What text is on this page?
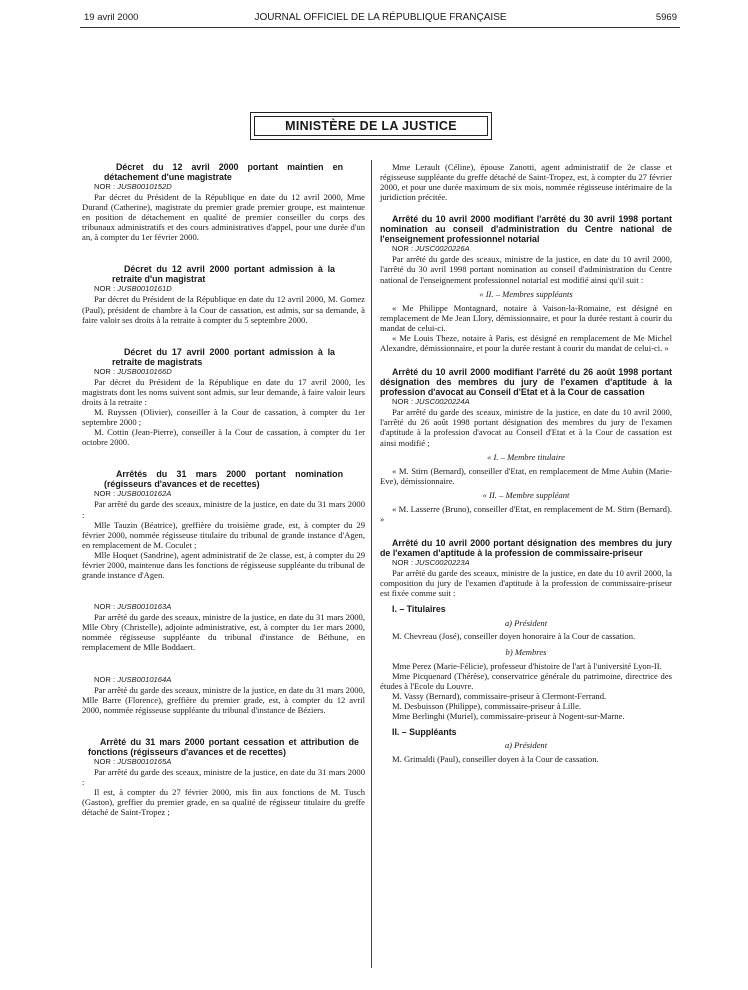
19 avril 2000	JOURNAL OFFICIEL DE LA RÉPUBLIQUE FRANÇAISE	5969
MINISTÈRE DE LA JUSTICE

Décret du 12 avril 2000 portant maintien en détachement d'une magistrate

NOR : JUSB0010152D

Par décret du Président de la République en date du 12 avril 2000, Mme Durand (Catherine), magistrate du premier grade premier groupe, est maintenue en position de détachement en qualité de premier conseiller du corps des tribunaux administratifs et des cours administratives d'appel, pour une durée d'un an, à compter du 1er février 2000.

Décret du 12 avril 2000 portant admission à la retraite d'un magistrat

NOR : JUSB0010161D

Par décret du Président de la République en date du 12 avril 2000, M. Gomez (Paul), président de chambre à la Cour de cassation, est admis, sur sa demande, à faire valoir ses droits à la retraite à compter du 5 septembre 2000.

Décret du 17 avril 2000 portant admission à la retraite de magistrats

NOR : JUSB0010166D

Par décret du Président de la République en date du 17 avril 2000, les magistrats dont les noms suivent sont admis, sur leur demande, à faire valoir leurs droits à la retraite :

M. Ruyssen (Olivier), conseiller à la Cour de cassation, à compter du 1er septembre 2000 ;

M. Cottin (Jean-Pierre), conseiller à la Cour de cassation, à compter du 1er octobre 2000.

Arrêtés du 31 mars 2000 portant nomination (régisseurs d'avances et de recettes)

NOR : JUSB0010162A

Par arrêté du garde des sceaux, ministre de la justice, en date du 31 mars 2000 :

Mlle Tauzin (Béatrice), greffière du troisième grade, est, à compter du 29 février 2000, nommée régisseuse titulaire du tribunal de grande instance d'Agen, en remplacement de M. Coculet ;

Mlle Hoquet (Sandrine), agent administratif de 2e classe, est, à compter du 29 février 2000, maintenue dans les fonctions de régisseuse suppléante du tribunal de grande instance d'Agen.

NOR : JUSB0010163A

Par arrêté du garde des sceaux, ministre de la justice, en date du 31 mars 2000, Mlle Obry (Christelle), adjointe administrative, est, à compter du 1er mars 2000, nommée régisseuse suppléante du tribunal d'instance de Béthune, en remplacement de Mlle Boddaert.

NOR : JUSB0010164A

Par arrêté du garde des sceaux, ministre de la justice, en date du 31 mars 2000, Mlle Barre (Florence), greffière du premier grade, est, à compter du 12 avril 2000, nommée régisseuse suppléante du tribunal d'instance de Béziers.

Arrêté du 31 mars 2000 portant cessation et attribution de fonctions (régisseurs d'avances et de recettes)

NOR : JUSB0010165A

Par arrêté du garde des sceaux, ministre de la justice, en date du 31 mars 2000 :

Il est, à compter du 27 février 2000, mis fin aux fonctions de M. Tusch (Gaston), greffier du premier grade, en sa qualité de régisseur titulaire du greffe détaché de Saint-Tropez ;

Mme Lerault (Céline), épouse Zanotti, agent administratif de 2e classe et régisseuse suppléante du greffe détaché de Saint-Tropez, est, à compter du 27 février 2000, et pour une durée maximum de six mois, nommée régisseuse intérimaire de la juridiction précitée.

Arrêté du 10 avril 2000 modifiant l'arrêté du 30 avril 1998 portant nomination au conseil d'administration du Centre national de l'enseignement professionnel notarial

NOR : JUSC0020226A

Par arrêté du garde des sceaux, ministre de la justice, en date du 10 avril 2000, l'arrêté du 30 avril 1998 portant nomination au conseil d'administration du Centre national de l'enseignement professionnel notarial est modifié ainsi qu'il suit :

« II. – Membres suppléants

« Me Philippe Montagnard, notaire à Vaison-la-Romaine, est désigné en remplacement de Me Jean Llory, démissionnaire, et pour la durée restant à courir du mandat de celui-ci.

« Me Louis Theze, notaire à Paris, est désigné en remplacement de Me Michel Alexandre, démissionnaire, et pour la durée restant à courir du mandat de celui-ci. »

Arrêté du 10 avril 2000 modifiant l'arrêté du 26 août 1998 portant désignation des membres du jury de l'examen d'aptitude à la profession d'avocat au Conseil d'Etat et à la Cour de cassation

NOR : JUSC0020224A

Par arrêté du garde des sceaux, ministre de la justice, en date du 10 avril 2000, l'arrêté du 26 août 1998 portant désignation des membres du jury de l'examen d'aptitude à la profession d'avocat au Conseil d'Etat et à la Cour de cassation est ainsi modifié ;

« I. – Membre titulaire

« M. Stirn (Bernard), conseiller d'Etat, en remplacement de Mme Aubin (Marie-Eve), démissionnaire.

« II. – Membre suppléant

« M. Lasserre (Bruno), conseiller d'Etat, en remplacement de M. Stirn (Bernard). »

Arrêté du 10 avril 2000 portant désignation des membres du jury de l'examen d'aptitude à la profession de commissaire-priseur

NOR : JUSC0020223A

Par arrêté du garde des sceaux, ministre de la justice, en date du 10 avril 2000, la composition du jury de l'examen d'aptitude à la profession de commissaire-priseur est fixée comme suit :

I. – Titulaires

a) Président

M. Chevreau (José), conseiller doyen honoraire à la Cour de cassation.

b) Membres

Mme Perez (Marie-Félicie), professeur d'histoire de l'art à l'université Lyon-II.

Mme Picquenard (Thérèse), conservatrice générale du patrimoine, directrice des études à l'Ecole du Louvre.

M. Vassy (Bernard), commissaire-priseur à Clermont-Ferrand.

M. Desbuisson (Philippe), commissaire-priseur à Lille.

Mme Berlinghi (Muriel), commissaire-priseur à Nogent-sur-Marne.

II. – Suppléants

a) Président

M. Grimaldi (Paul), conseiller doyen à la Cour de cassation.
